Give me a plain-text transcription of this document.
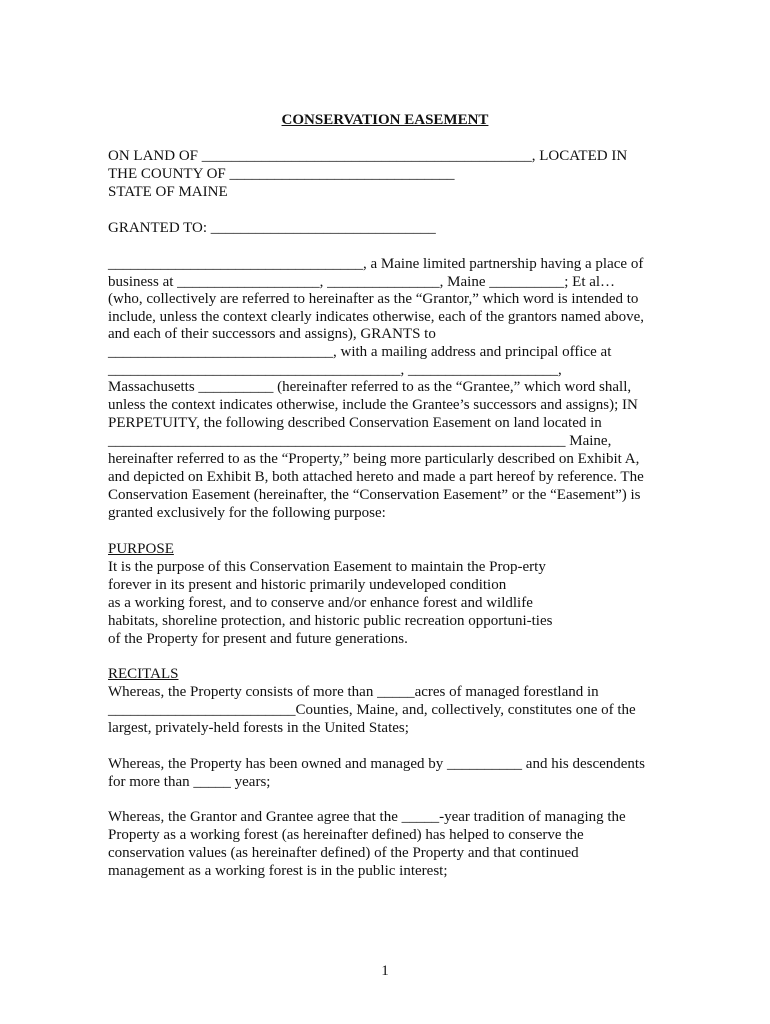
CONSERVATION EASEMENT
ON LAND OF ____________________________________________, LOCATED IN
THE COUNTY OF ______________________________
STATE OF MAINE
GRANTED TO: ______________________________
__________________________________, a Maine limited partnership having a place of
business at ___________________, _______________, Maine __________; Et al…
(who, collectively are referred to hereinafter as the “Grantor,” which word is intended to
include, unless the context clearly indicates otherwise, each of the grantors named above,
and each of their successors and assigns), GRANTS to
______________________________, with a mailing address and principal office at
_______________________________________, ____________________,
Massachusetts __________ (hereinafter referred to as the “Grantee,” which word shall,
unless the context indicates otherwise, include the Grantee’s successors and assigns); IN
PERPETUITY, the following described Conservation Easement on land located in
_____________________________________________________________ Maine,
hereinafter referred to as the “Property,” being more particularly described on Exhibit A,
and depicted on Exhibit B, both attached hereto and made a part hereof by reference. The
Conservation Easement (hereinafter, the “Conservation Easement” or the “Easement”) is
granted exclusively for the following purpose:
PURPOSE
It is the purpose of this Conservation Easement to maintain the Prop-erty
forever in its present and historic primarily undeveloped condition
as a working forest, and to conserve and/or enhance forest and wildlife
habitats, shoreline protection, and historic public recreation opportuni-ties
of the Property for present and future generations.
RECITALS
Whereas, the Property consists of more than _____acres of managed forestland in
_________________________Counties, Maine, and, collectively, constitutes one of the
largest, privately-held forests in the United States;
Whereas, the Property has been owned and managed by __________ and his descendents
for more than _____ years;
Whereas, the Grantor and Grantee agree that the _____-year tradition of managing the
Property as a working forest (as hereinafter defined) has helped to conserve the
conservation values (as hereinafter defined) of the Property and that continued
management as a working forest is in the public interest;
1
